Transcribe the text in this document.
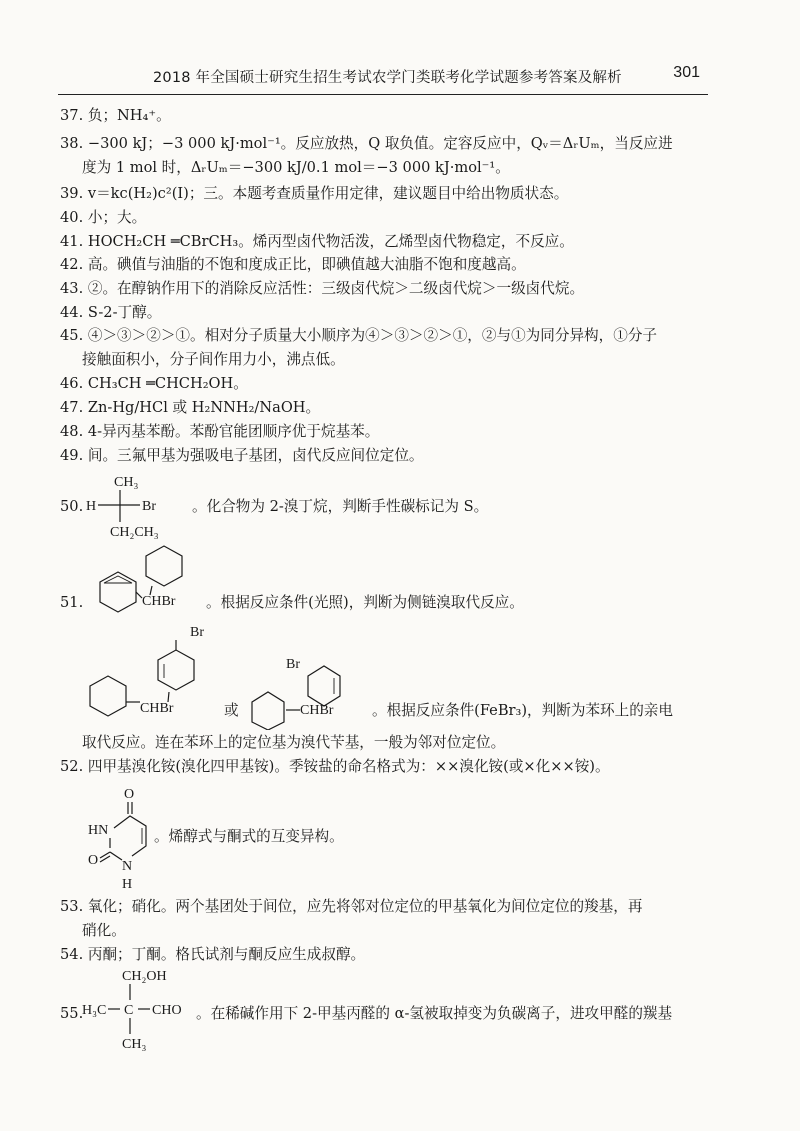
2018 年全国硕士研究生招生考试农学门类联考化学试题参考答案及解析	301
37. 负；NH₄⁺。
38. −300 kJ；−3 000 kJ·mol⁻¹。反应放热，Q 取负值。定容反应中，Qᵥ＝ΔᵣUₘ，当反应进
度为 1 mol 时，ΔᵣUₘ＝−300 kJ/0.1 mol＝−3 000 kJ·mol⁻¹。
39. v＝kc(H₂)c²(I)；三。本题考查质量作用定律，建议题目中给出物质状态。
40. 小；大。
41. HOCH₂CH ═CBrCH₃。烯丙型卤代物活泼，乙烯型卤代物稳定，不反应。
42. 高。碘值与油脂的不饱和度成正比，即碘值越大油脂不饱和度越高。
43. ②。在醇钠作用下的消除反应活性：三级卤代烷＞二级卤代烷＞一级卤代烷。
44. S-2-丁醇。
45. ④＞③＞②＞①。相对分子质量大小顺序为④＞③＞②＞①，②与①为同分异构，①分子
接触面积小，分子间作用力小，沸点低。
46. CH₃CH ═CHCH₂OH。
47. Zn-Hg/HCl 或 H₂NNH₂/NaOH。
48. 4-异丙基苯酚。苯酚官能团顺序优于烷基苯。
49. 间。三氟甲基为强吸电子基团，卤代反应间位定位。
50.
CH₃
H	Br
CH₂CH₃
。化合物为 2-溴丁烷，判断手性碳标记为 S。
51.	CHBr 。根据反应条件(光照)，判断为侧链溴取代反应。
Br
CHBr	或
Br
CHBr	。根据反应条件(FeBr₃)，判断为苯环上的亲电
取代反应。连在苯环上的定位基为溴代苄基，一般为邻对位定位。
52. 四甲基溴化铵(溴化四甲基铵)。季铵盐的命名格式为：××溴化铵(或×化××铵)。
O
HN
O N
H
。烯醇式与酮式的互变异构。
53. 氧化；硝化。两个基团处于间位，应先将邻对位定位的甲基氧化为间位定位的羧基，再
硝化。
54. 丙酮；丁酮。格氏试剂与酮反应生成叔醇。
55.
CH₂OH
H₃C C CHO
CH₃
。在稀碱作用下 2-甲基丙醛的 α-氢被取掉变为负碳离子，进攻甲醛的羰基
